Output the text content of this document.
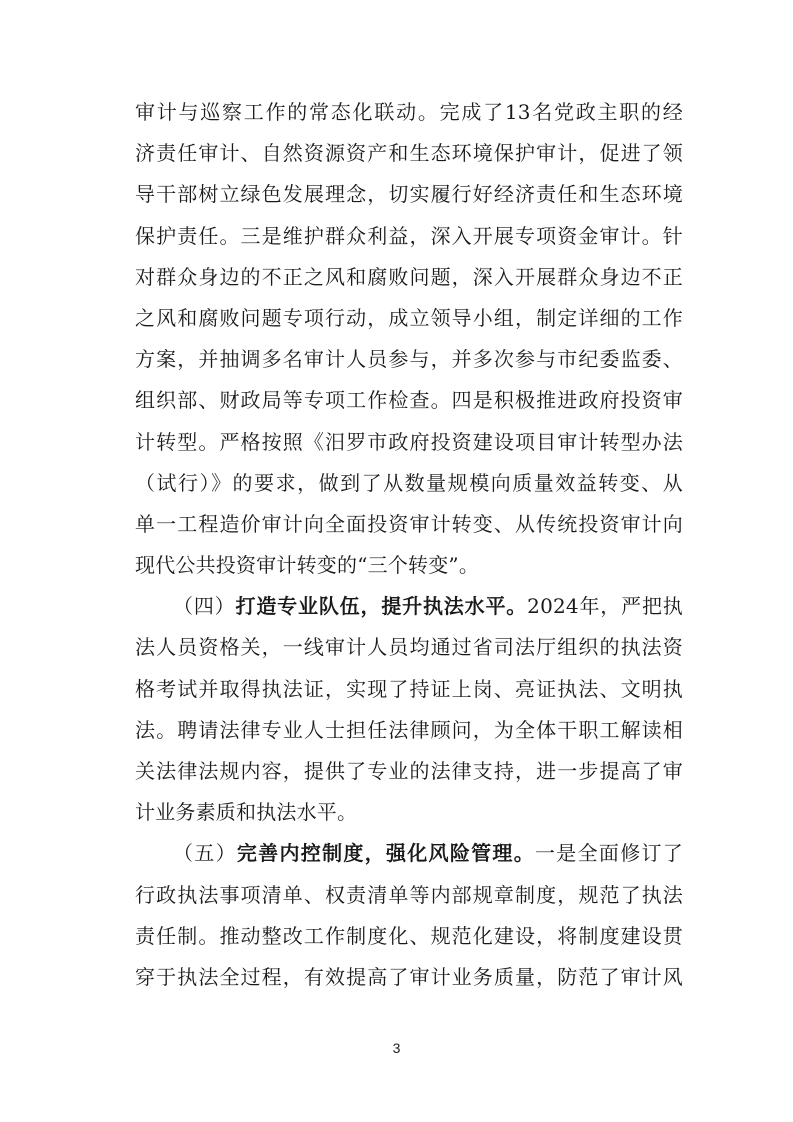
审计与巡察工作的常态化联动。完成了13名党政主职的经
济责任审计、自然资源资产和生态环境保护审计，促进了领
导干部树立绿色发展理念，切实履行好经济责任和生态环境
保护责任。三是维护群众利益，深入开展专项资金审计。针
对群众身边的不正之风和腐败问题，深入开展群众身边不正
之风和腐败问题专项行动，成立领导小组，制定详细的工作
方案，并抽调多名审计人员参与，并多次参与市纪委监委、
组织部、财政局等专项工作检查。四是积极推进政府投资审
计转型。严格按照《汨罗市政府投资建设项目审计转型办法
（试行）》的要求，做到了从数量规模向质量效益转变、从
单一工程造价审计向全面投资审计转变、从传统投资审计向
现代公共投资审计转变的“三个转变”。
（四）打造专业队伍，提升执法水平。2024年，严把执
法人员资格关，一线审计人员均通过省司法厅组织的执法资
格考试并取得执法证，实现了持证上岗、亮证执法、文明执
法。聘请法律专业人士担任法律顾问，为全体干职工解读相
关法律法规内容，提供了专业的法律支持，进一步提高了审
计业务素质和执法水平。
（五）完善内控制度，强化风险管理。一是全面修订了
行政执法事项清单、权责清单等内部规章制度，规范了执法
责任制。推动整改工作制度化、规范化建设，将制度建设贯
穿于执法全过程，有效提高了审计业务质量，防范了审计风
3
